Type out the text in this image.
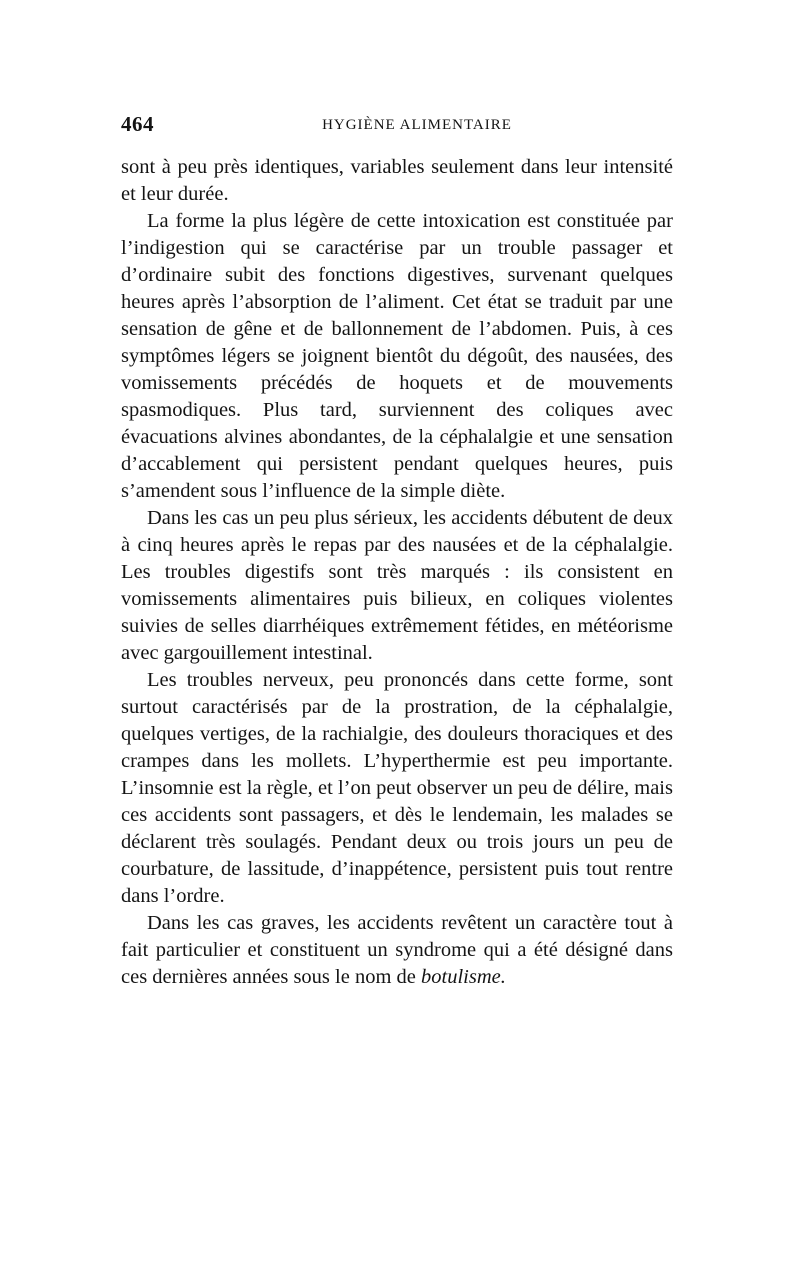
464	HYGIÈNE ALIMENTAIRE

sont à peu près identiques, variables seulement dans leur intensité et leur durée.

La forme la plus légère de cette intoxication est constituée par l’indigestion qui se caractérise par un trouble passager et d’ordinaire subit des fonctions digestives, survenant quelques heures après l’absorption de l’aliment. Cet état se traduit par une sensation de gêne et de ballonnement de l’abdomen. Puis, à ces symptômes légers se joignent bientôt du dégoût, des nausées, des vomissements précédés de hoquets et de mouvements spasmodiques. Plus tard, surviennent des coliques avec évacuations alvines abondantes, de la céphalalgie et une sensation d’accablement qui persistent pendant quelques heures, puis s’amendent sous l’influence de la simple diète.

Dans les cas un peu plus sérieux, les accidents débutent de deux à cinq heures après le repas par des nausées et de la céphalalgie. Les troubles digestifs sont très marqués : ils consistent en vomissements alimentaires puis bilieux, en coliques violentes suivies de selles diarrhéiques extrêmement fétides, en météorisme avec gargouillement intestinal.

Les troubles nerveux, peu prononcés dans cette forme, sont surtout caractérisés par de la prostration, de la céphalalgie, quelques vertiges, de la rachialgie, des douleurs thoraciques et des crampes dans les mollets. L’hyperthermie est peu importante. L’insomnie est la règle, et l’on peut observer un peu de délire, mais ces accidents sont passagers, et dès le lendemain, les malades se déclarent très soulagés. Pendant deux ou trois jours un peu de courbature, de lassitude, d’inappétence, persistent puis tout rentre dans l’ordre.

Dans les cas graves, les accidents revêtent un caractère tout à fait particulier et constituent un syndrome qui a été désigné dans ces dernières années sous le nom de botulisme.
